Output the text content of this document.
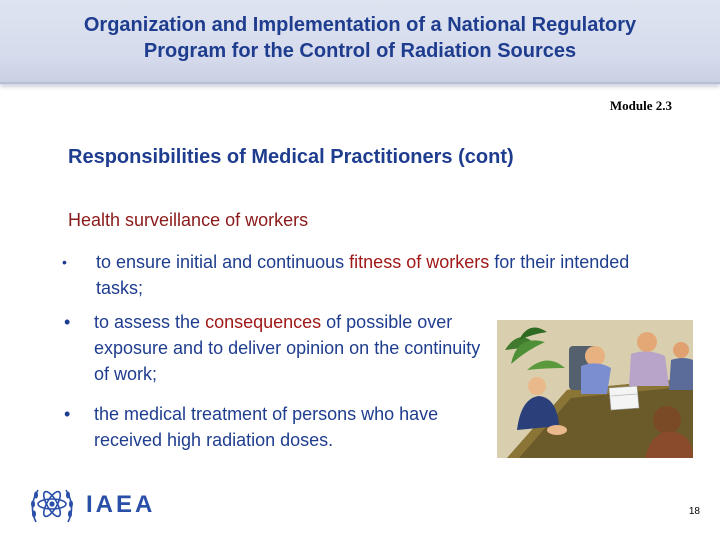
Organization and Implementation of a National Regulatory
Program for the Control of Radiation Sources
Module 2.3
Responsibilities of Medical Practitioners (cont)

Health surveillance of workers

• to ensure initial and continuous fitness of workers for their intended tasks;
• to assess the consequences of possible over exposure and to deliver opinion on the continuity of work;
• the medical treatment of persons who have received high radiation doses.
IAEA	18
